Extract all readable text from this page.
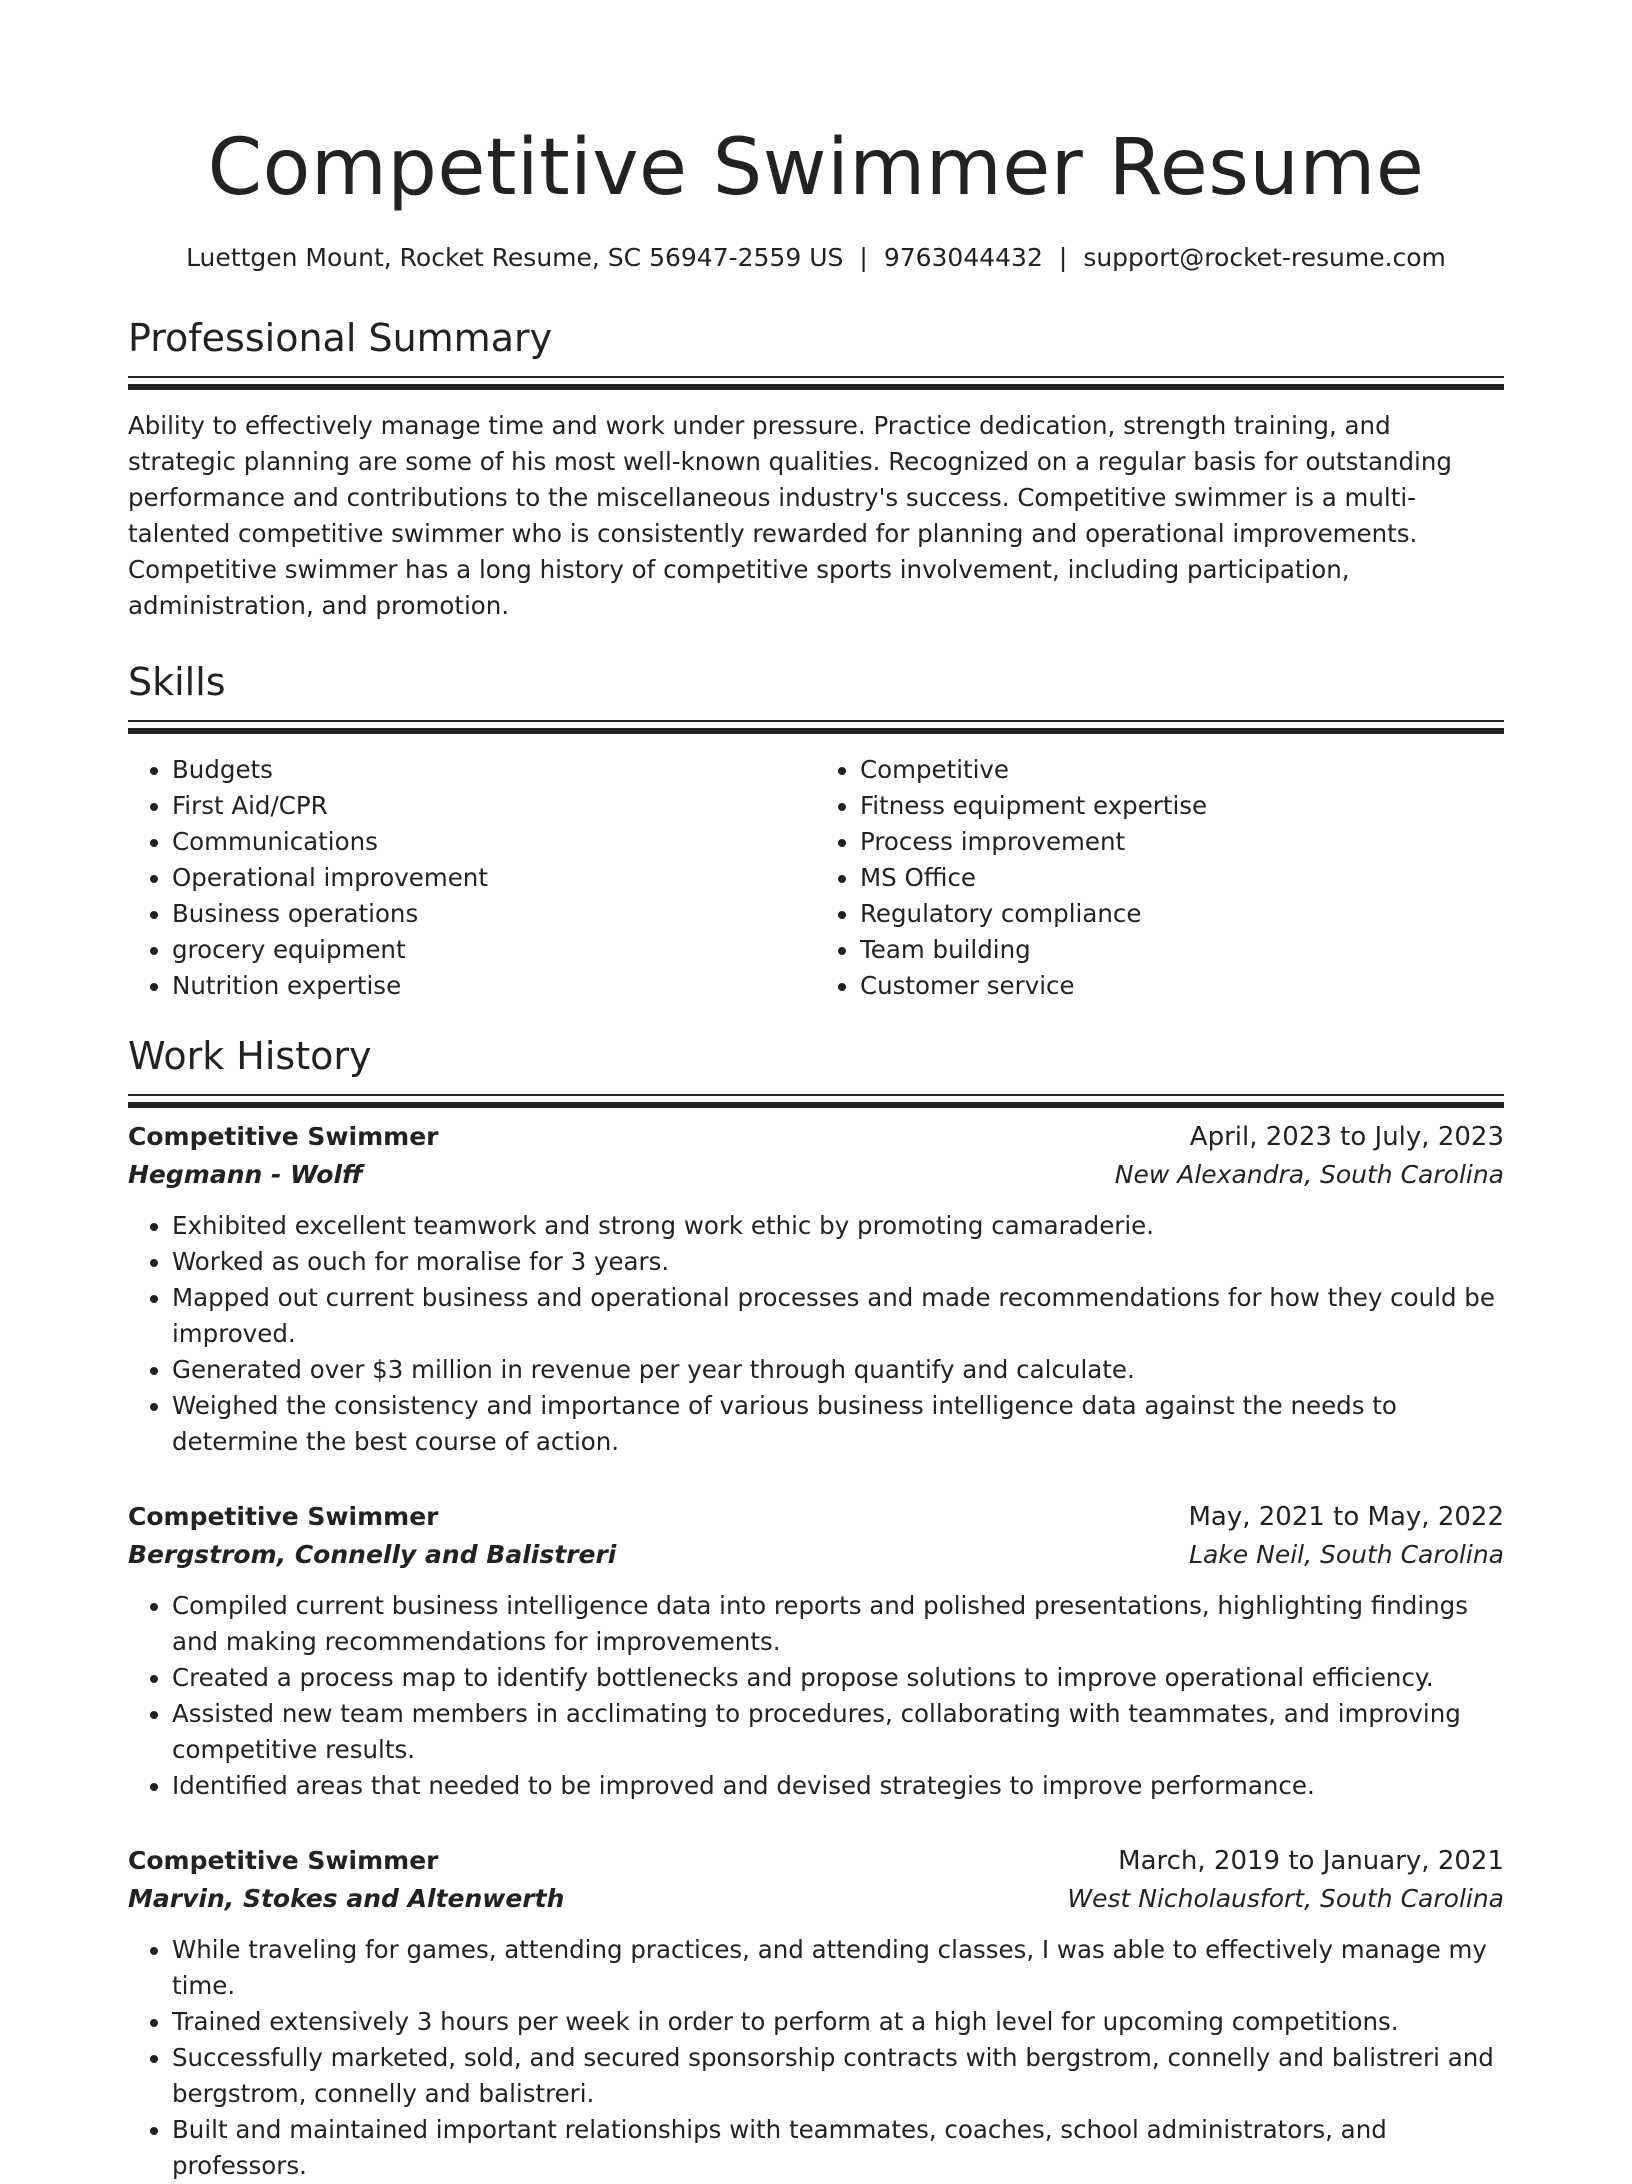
Competitive Swimmer Resume
Luettgen Mount, Rocket Resume, SC 56947-2559 US | 9763044432 | support@rocket-resume.com
Professional Summary

Ability to effectively manage time and work under pressure. Practice dedication, strength training, and strategic planning are some of his most well-known qualities. Recognized on a regular basis for outstanding performance and contributions to the miscellaneous industry's success. Competitive swimmer is a multi-talented competitive swimmer who is consistently rewarded for planning and operational improvements. Competitive swimmer has a long history of competitive sports involvement, including participation, administration, and promotion.

Skills
• Budgets
• First Aid/CPR
• Communications
• Operational improvement
• Business operations
• grocery equipment
• Nutrition expertise
• Competitive
• Fitness equipment expertise
• Process improvement
• MS Office
• Regulatory compliance
• Team building
• Customer service
Work History
Competitive Swimmer	April, 2023 to July, 2023
Hegmann - Wolff	New Alexandra, South Carolina
• Exhibited excellent teamwork and strong work ethic by promoting camaraderie.
• Worked as ouch for moralise for 3 years.
• Mapped out current business and operational processes and made recommendations for how they could be improved.
• Generated over $3 million in revenue per year through quantify and calculate.
• Weighed the consistency and importance of various business intelligence data against the needs to determine the best course of action.
Competitive Swimmer	May, 2021 to May, 2022
Bergstrom, Connelly and Balistreri	Lake Neil, South Carolina
• Compiled current business intelligence data into reports and polished presentations, highlighting findings and making recommendations for improvements.
• Created a process map to identify bottlenecks and propose solutions to improve operational efficiency.
• Assisted new team members in acclimating to procedures, collaborating with teammates, and improving competitive results.
• Identified areas that needed to be improved and devised strategies to improve performance.
Competitive Swimmer	March, 2019 to January, 2021
Marvin, Stokes and Altenwerth	West Nicholausfort, South Carolina
• While traveling for games, attending practices, and attending classes, I was able to effectively manage my time.
• Trained extensively 3 hours per week in order to perform at a high level for upcoming competitions.
• Successfully marketed, sold, and secured sponsorship contracts with bergstrom, connelly and balistreri and bergstrom, connelly and balistreri.
• Built and maintained important relationships with teammates, coaches, school administrators, and professors.
